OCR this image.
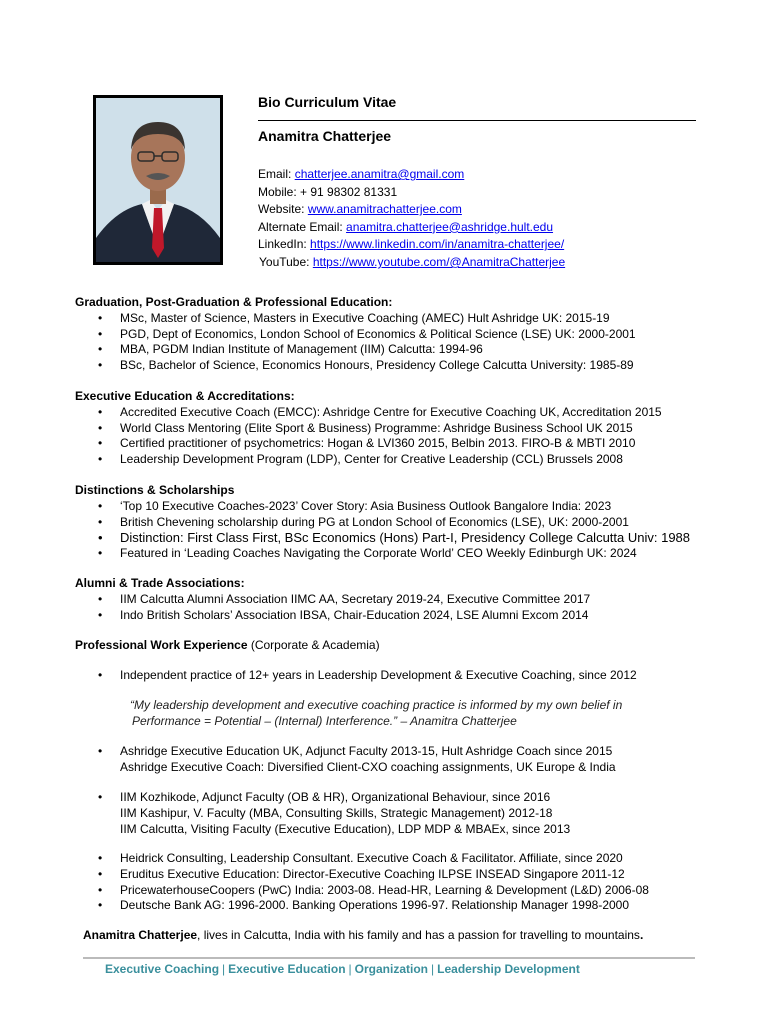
Bio Curriculum Vitae
Anamitra Chatterjee
Email: chatterjee.anamitra@gmail.com
Mobile: + 91 98302 81331
Website: www.anamitrachatterjee.com
Alternate Email: anamitra.chatterjee@ashridge.hult.edu
LinkedIn: https://www.linkedin.com/in/anamitra-chatterjee/
YouTube: https://www.youtube.com/@AnamitraChatterjee
Graduation, Post-Graduation & Professional Education:
• MSc, Master of Science, Masters in Executive Coaching (AMEC) Hult Ashridge UK: 2015-19
• PGD, Dept of Economics, London School of Economics & Political Science (LSE) UK: 2000-2001
• MBA, PGDM Indian Institute of Management (IIM) Calcutta: 1994-96
• BSc, Bachelor of Science, Economics Honours, Presidency College Calcutta University: 1985-89
Executive Education & Accreditations:
• Accredited Executive Coach (EMCC): Ashridge Centre for Executive Coaching UK, Accreditation 2015
• World Class Mentoring (Elite Sport & Business) Programme: Ashridge Business School UK 2015
• Certified practitioner of psychometrics: Hogan & LVI360 2015, Belbin 2013. FIRO-B & MBTI 2010
• Leadership Development Program (LDP), Center for Creative Leadership (CCL) Brussels 2008
Distinctions & Scholarships
• ‘Top 10 Executive Coaches-2023’ Cover Story: Asia Business Outlook Bangalore India: 2023
• British Chevening scholarship during PG at London School of Economics (LSE), UK: 2000-2001
• Distinction: First Class First, BSc Economics (Hons) Part-I, Presidency College Calcutta Univ: 1988
• Featured in ‘Leading Coaches Navigating the Corporate World’ CEO Weekly Edinburgh UK: 2024
Alumni & Trade Associations:
• IIM Calcutta Alumni Association IIMC AA, Secretary 2019-24, Executive Committee 2017
• Indo British Scholars’ Association IBSA, Chair-Education 2024, LSE Alumni Excom 2014
Professional Work Experience (Corporate & Academia)
• Independent practice of 12+ years in Leadership Development & Executive Coaching, since 2012
“My leadership development and executive coaching practice is informed by my own belief in
Performance = Potential – (Internal) Interference.” – Anamitra Chatterjee
• Ashridge Executive Education UK, Adjunct Faculty 2013-15, Hult Ashridge Coach since 2015
Ashridge Executive Coach: Diversified Client-CXO coaching assignments, UK Europe & India
• IIM Kozhikode, Adjunct Faculty (OB & HR), Organizational Behaviour, since 2016
IIM Kashipur, V. Faculty (MBA, Consulting Skills, Strategic Management) 2012-18
IIM Calcutta, Visiting Faculty (Executive Education), LDP MDP & MBAEx, since 2013
• Heidrick Consulting, Leadership Consultant. Executive Coach & Facilitator. Affiliate, since 2020
• Eruditus Executive Education: Director-Executive Coaching ILPSE INSEAD Singapore 2011-12
• PricewaterhouseCoopers (PwC) India: 2003-08. Head-HR, Learning & Development (L&D) 2006-08
• Deutsche Bank AG: 1996-2000. Banking Operations 1996-97. Relationship Manager 1998-2000
Anamitra Chatterjee, lives in Calcutta, India with his family and has a passion for travelling to mountains.
Executive Coaching | Executive Education | Organization | Leadership Development
